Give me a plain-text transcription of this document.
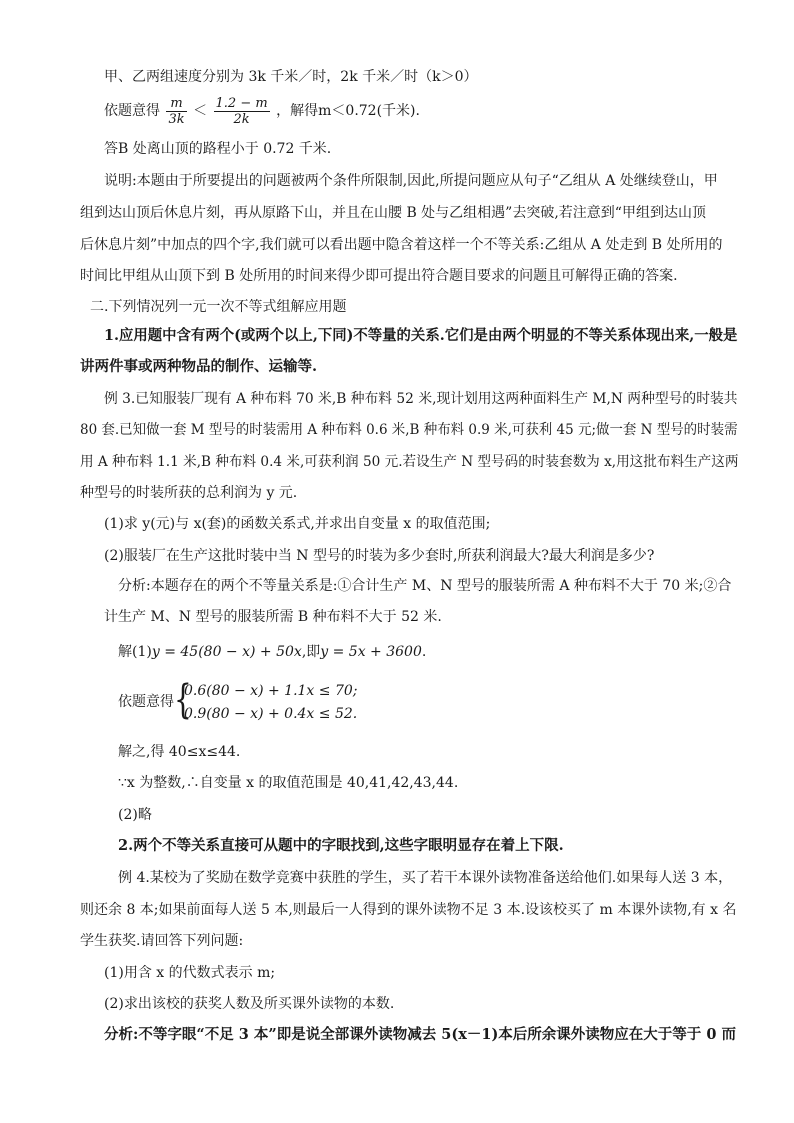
甲、乙两组速度分别为 3k 千米／时，2k 千米／时（k＞0）
依题意得 $\frac{m}{3k} < \frac{1.2 - m}{2k}$ ，解得m＜0.72(千米).
答B 处离山顶的路程小于 0.72 千米.
说明:本题由于所要提出的问题被两个条件所限制,因此,所提问题应从句子“乙组从 A 处继续登山，甲
组到达山顶后休息片刻，再从原路下山，并且在山腰 B 处与乙组相遇”去突破,若注意到“甲组到达山顶
后休息片刻”中加点的四个字,我们就可以看出题中隐含着这样一个不等关系:乙组从 A 处走到 B 处所用的
时间比甲组从山顶下到 B 处所用的时间来得少即可提出符合题目要求的问题且可解得正确的答案.
二.下列情况列一元一次不等式组解应用题
1.应用题中含有两个(或两个以上,下同)不等量的关系.它们是由两个明显的不等关系体现出来,一般是
讲两件事或两种物品的制作、运输等.
例 3.已知服装厂现有 A 种布料 70 米,B 种布料 52 米,现计划用这两种面料生产 M,N 两种型号的时装共
80 套.已知做一套 M 型号的时装需用 A 种布料 0.6 米,B 种布料 0.9 米,可获利 45 元;做一套 N 型号的时装需
用 A 种布料 1.1 米,B 种布料 0.4 米,可获利润 50 元.若设生产 N 型号码的时装套数为 x,用这批布料生产这两
种型号的时装所获的总利润为 y 元.
(1)求 y(元)与 x(套)的函数关系式,并求出自变量 x 的取值范围;
(2)服装厂在生产这批时装中当 N 型号的时装为多少套时,所获利润最大?最大利润是多少?
分析:本题存在的两个不等量关系是:①合计生产 M、N 型号的服装所需 A 种布料不大于 70 米;②合
计生产 M、N 型号的服装所需 B 种布料不大于 52 米.
解(1)y = 45(80 − x) + 50x,即y = 5x + 3600.
依题意得 {
0.6(80 − x) + 1.1x ≤ 70;
0.9(80 − x) + 0.4x ≤ 52.
解之,得 40≤x≤44.
∵x 为整数,∴自变量 x 的取值范围是 40,41,42,43,44.
(2)略
2.两个不等关系直接可从题中的字眼找到,这些字眼明显存在着上下限.
例 4.某校为了奖励在数学竞赛中获胜的学生，买了若干本课外读物准备送给他们.如果每人送 3 本，
则还余 8 本;如果前面每人送 5 本,则最后一人得到的课外读物不足 3 本.设该校买了 m 本课外读物,有 x 名
学生获奖.请回答下列问题:
(1)用含 x 的代数式表示 m;
(2)求出该校的获奖人数及所买课外读物的本数.
分析:不等字眼“不足 3 本”即是说全部课外读物减去 5(x－1)本后所余课外读物应在大于等于 0 而
